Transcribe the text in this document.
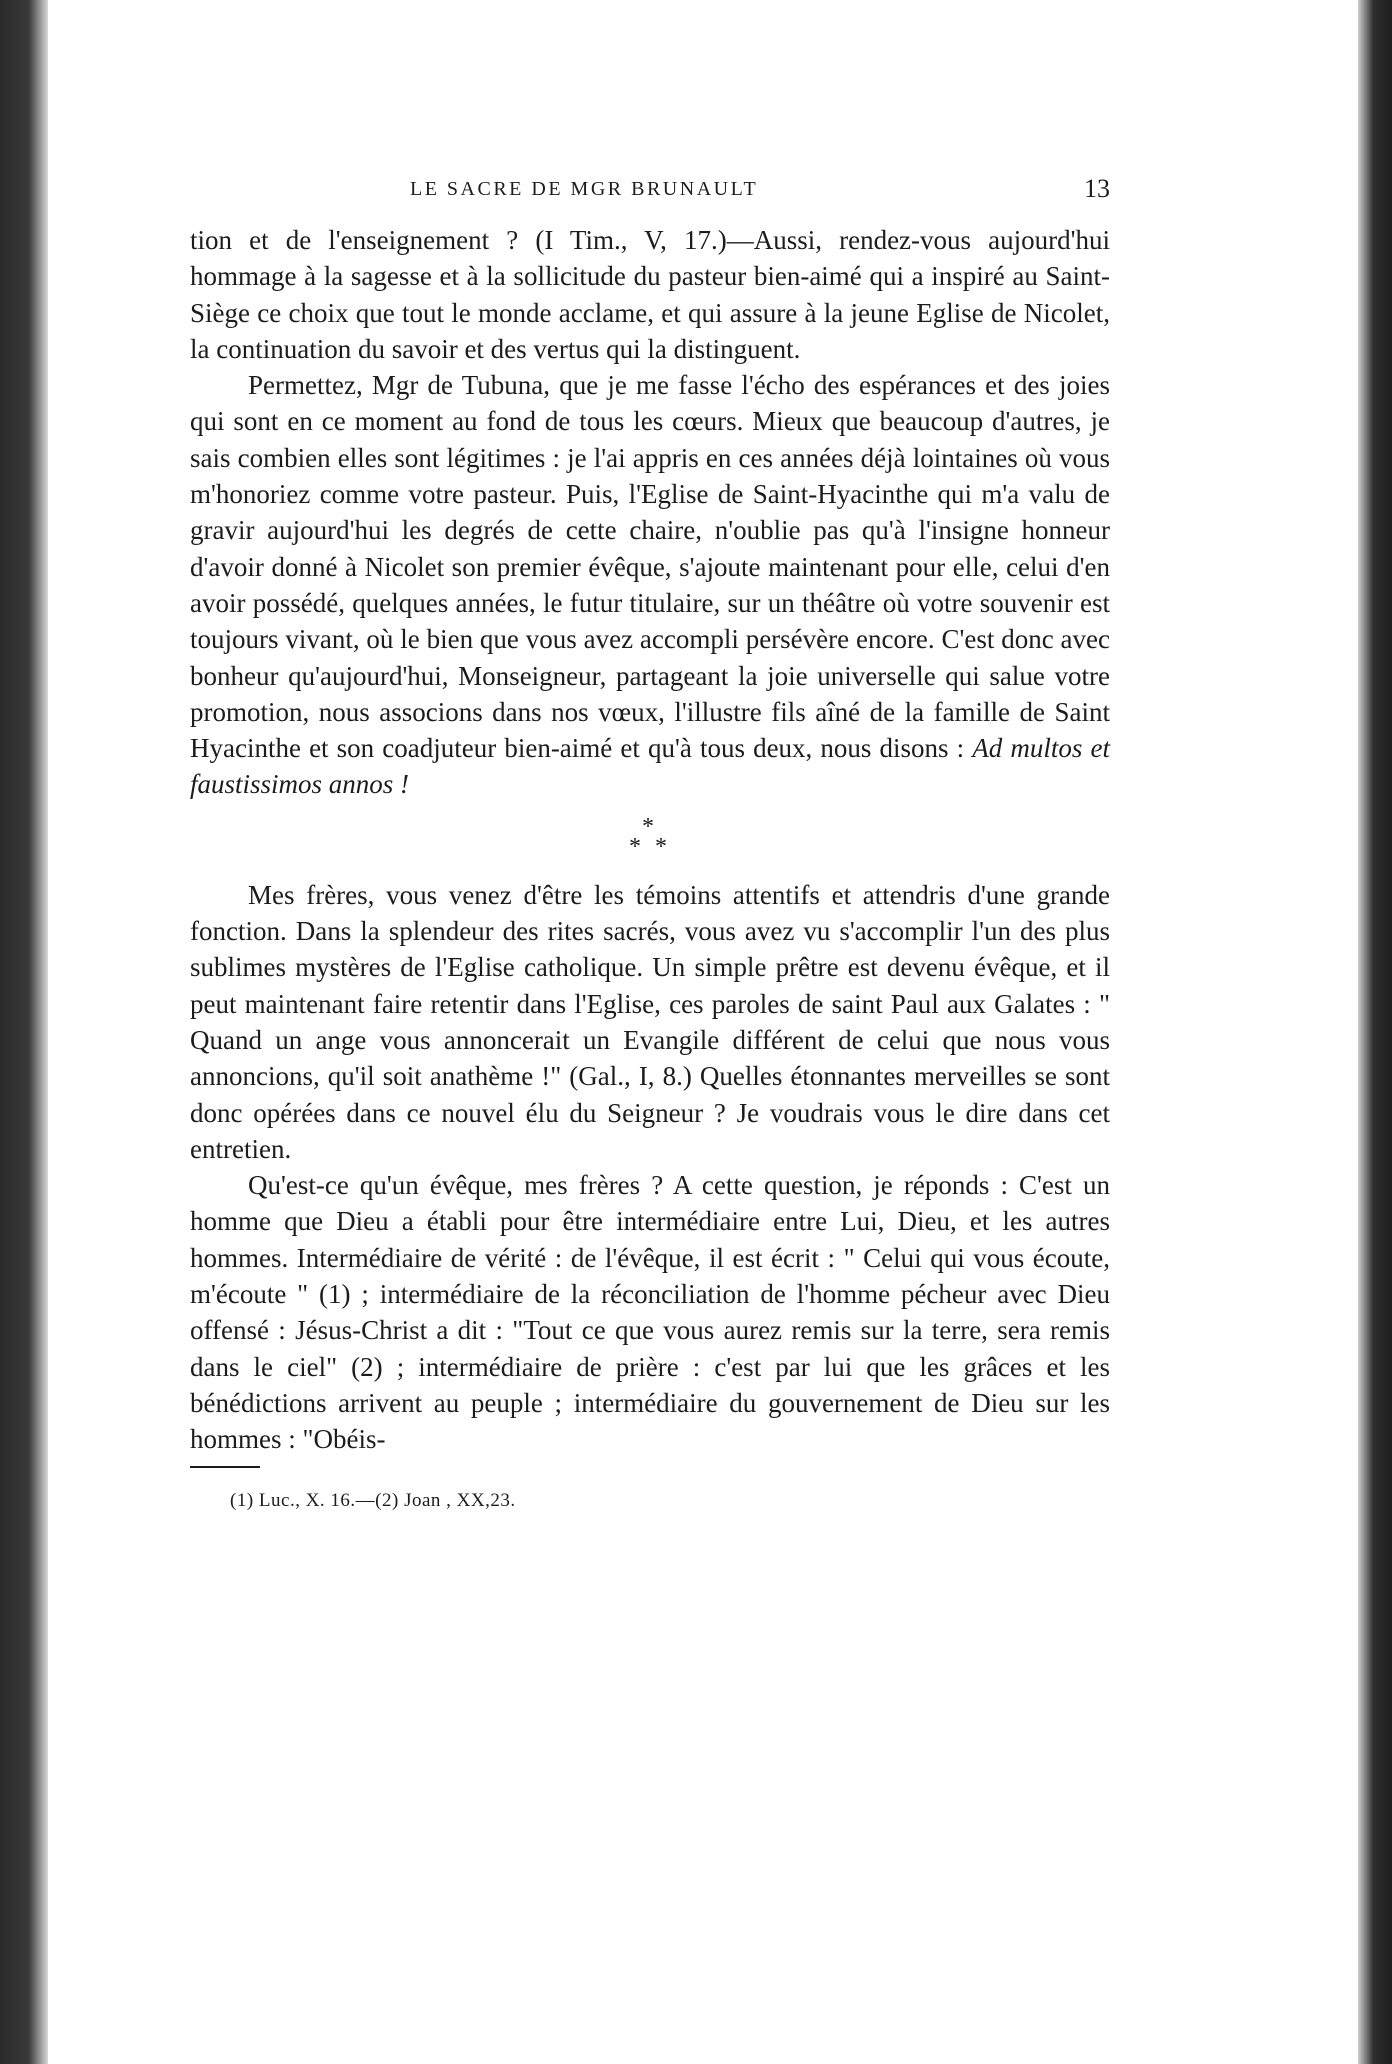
LE SACRE DE MGR BRUNAULT	13

tion et de l'enseignement ? (I Tim., V, 17.)—Aussi, rendez-vous aujourd'hui hommage à la sagesse et à la sollicitude du pasteur bien-aimé qui a inspiré au Saint-Siège ce choix que tout le monde acclame, et qui assure à la jeune Eglise de Nicolet, la continuation du savoir et des vertus qui la distinguent.

Permettez, Mgr de Tubuna, que je me fasse l'écho des espérances et des joies qui sont en ce moment au fond de tous les cœurs. Mieux que beaucoup d'autres, je sais combien elles sont légitimes : je l'ai appris en ces années déjà lointaines où vous m'honoriez comme votre pasteur. Puis, l'Eglise de Saint-Hyacinthe qui m'a valu de gravir aujourd'hui les degrés de cette chaire, n'oublie pas qu'à l'insigne honneur d'avoir donné à Nicolet son premier évêque, s'ajoute maintenant pour elle, celui d'en avoir possédé, quelques années, le futur titulaire, sur un théâtre où votre souvenir est toujours vivant, où le bien que vous avez accompli persévère encore. C'est donc avec bonheur qu'aujourd'hui, Monseigneur, partageant la joie universelle qui salue votre promotion, nous associons dans nos vœux, l'illustre fils aîné de la famille de Saint Hyacinthe et son coadjuteur bien-aimé et qu'à tous deux, nous disons : Ad multos et faustissimos annos !

*
* *

Mes frères, vous venez d'être les témoins attentifs et attendris d'une grande fonction. Dans la splendeur des rites sacrés, vous avez vu s'accomplir l'un des plus sublimes mystères de l'Eglise catholique. Un simple prêtre est devenu évêque, et il peut maintenant faire retentir dans l'Eglise, ces paroles de saint Paul aux Galates : " Quand un ange vous annoncerait un Evangile différent de celui que nous vous annoncions, qu'il soit anathème !" (Gal., I, 8.) Quelles étonnantes merveilles se sont donc opérées dans ce nouvel élu du Seigneur ? Je voudrais vous le dire dans cet entretien.

Qu'est-ce qu'un évêque, mes frères ? A cette question, je réponds : C'est un homme que Dieu a établi pour être intermédiaire entre Lui, Dieu, et les autres hommes. Intermédiaire de vérité : de l'évêque, il est écrit : " Celui qui vous écoute, m'écoute " (1) ; intermédiaire de la réconciliation de l'homme pécheur avec Dieu offensé : Jésus-Christ a dit : "Tout ce que vous aurez remis sur la terre, sera remis dans le ciel" (2) ; intermédiaire de prière : c'est par lui que les grâces et les bénédictions arrivent au peuple ; intermédiaire du gouvernement de Dieu sur les hommes : "Obéis-

(1) Luc., X. 16.—(2) Joan , XX,23.
